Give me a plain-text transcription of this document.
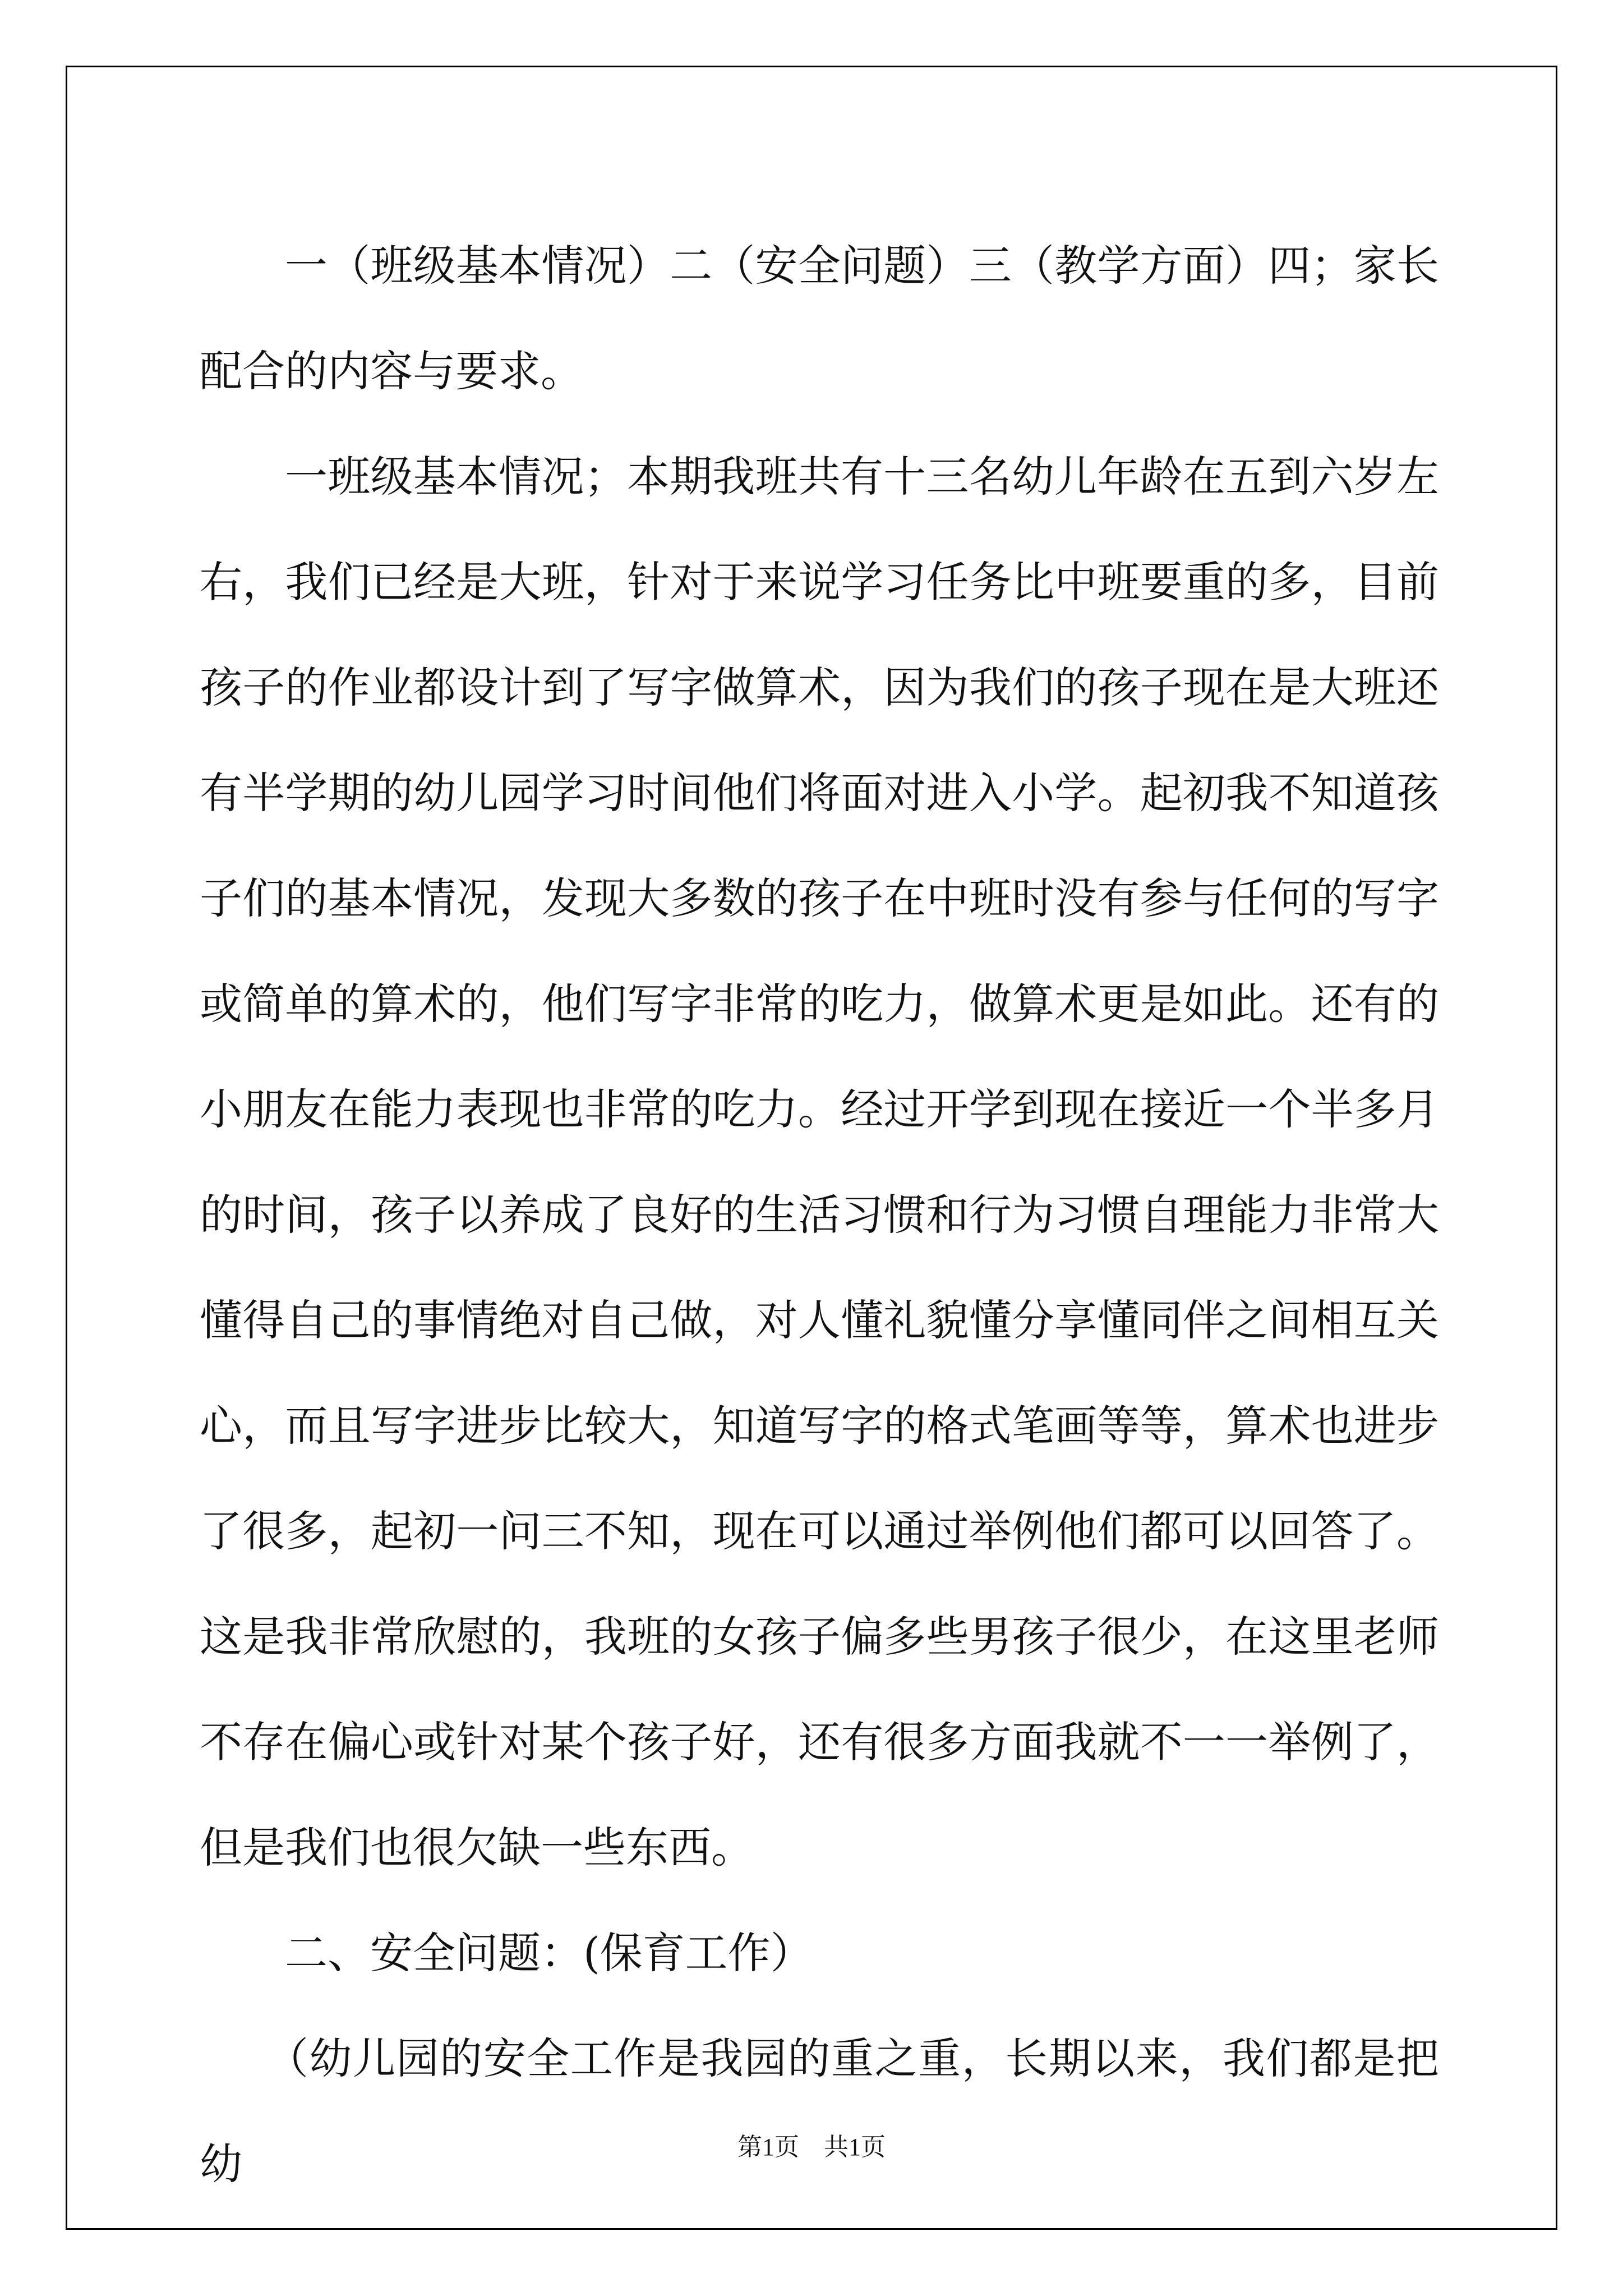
一（班级基本情况）二（安全问题）三（教学方面）四；家长配合的内容与要求。

一班级基本情况；本期我班共有十三名幼儿年龄在五到六岁左右，我们已经是大班，针对于来说学习任务比中班要重的多，目前孩子的作业都设计到了写字做算术，因为我们的孩子现在是大班还有半学期的幼儿园学习时间他们将面对进入小学。起初我不知道孩子们的基本情况，发现大多数的孩子在中班时没有参与任何的写字或简单的算术的，他们写字非常的吃力，做算术更是如此。还有的小朋友在能力表现也非常的吃力。经过开学到现在接近一个半多月的时间，孩子以养成了良好的生活习惯和行为习惯自理能力非常大懂得自己的事情绝对自己做，对人懂礼貌懂分享懂同伴之间相互关心，而且写字进步比较大，知道写字的格式笔画等等，算术也进步了很多，起初一问三不知，现在可以通过举例他们都可以回答了。这是我非常欣慰的，我班的女孩子偏多些男孩子很少，在这里老师不存在偏心或针对某个孩子好，还有很多方面我就不一一举例了，但是我们也很欠缺一些东西。

二、安全问题：(保育工作）

（幼儿园的安全工作是我园的重之重，长期以来，我们都是把幼	第1页　共1页
